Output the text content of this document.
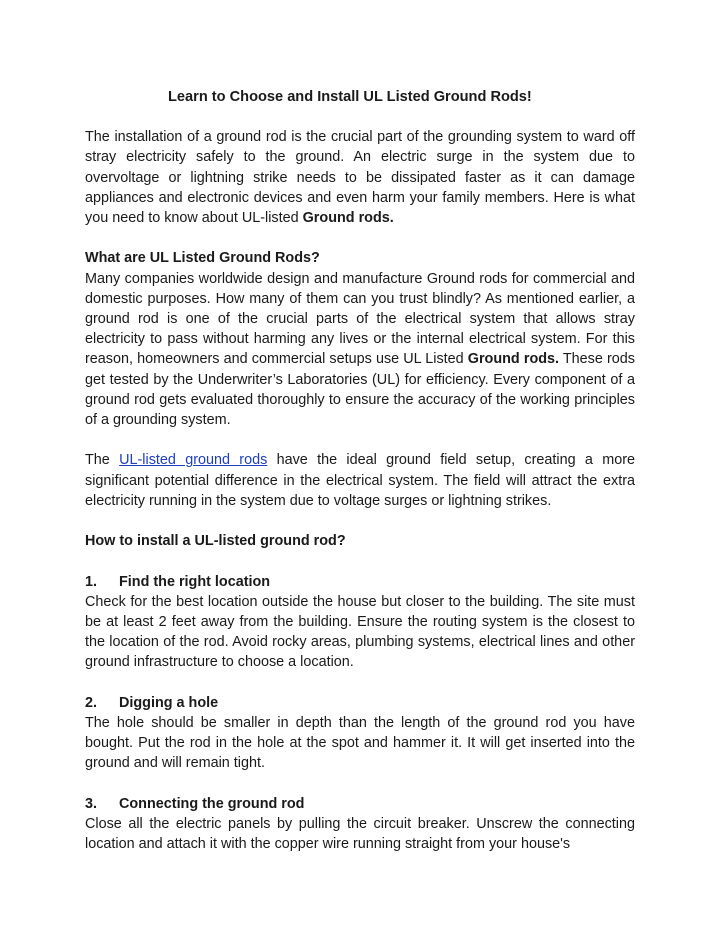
Learn to Choose and Install UL Listed Ground Rods!

The installation of a ground rod is the crucial part of the grounding system to ward off stray electricity safely to the ground. An electric surge in the system due to overvoltage or lightning strike needs to be dissipated faster as it can damage appliances and electronic devices and even harm your family members. Here is what you need to know about UL-listed Ground rods.

What are UL Listed Ground Rods?

Many companies worldwide design and manufacture Ground rods for commercial and domestic purposes. How many of them can you trust blindly? As mentioned earlier, a ground rod is one of the crucial parts of the electrical system that allows stray electricity to pass without harming any lives or the internal electrical system. For this reason, homeowners and commercial setups use UL Listed Ground rods. These rods get tested by the Underwriter’s Laboratories (UL) for efficiency. Every component of a ground rod gets evaluated thoroughly to ensure the accuracy of the working principles of a grounding system.

The UL-listed ground rods have the ideal ground field setup, creating a more significant potential difference in the electrical system. The field will attract the extra electricity running in the system due to voltage surges or lightning strikes.

How to install a UL-listed ground rod?
1.	Find the right location

Check for the best location outside the house but closer to the building. The site must be at least 2 feet away from the building. Ensure the routing system is the closest to the location of the rod. Avoid rocky areas, plumbing systems, electrical lines and other ground infrastructure to choose a location.

2.	Digging a hole

The hole should be smaller in depth than the length of the ground rod you have bought. Put the rod in the hole at the spot and hammer it. It will get inserted into the ground and will remain tight.

3.	Connecting the ground rod

Close all the electric panels by pulling the circuit breaker. Unscrew the connecting location and attach it with the copper wire running straight from your house's
